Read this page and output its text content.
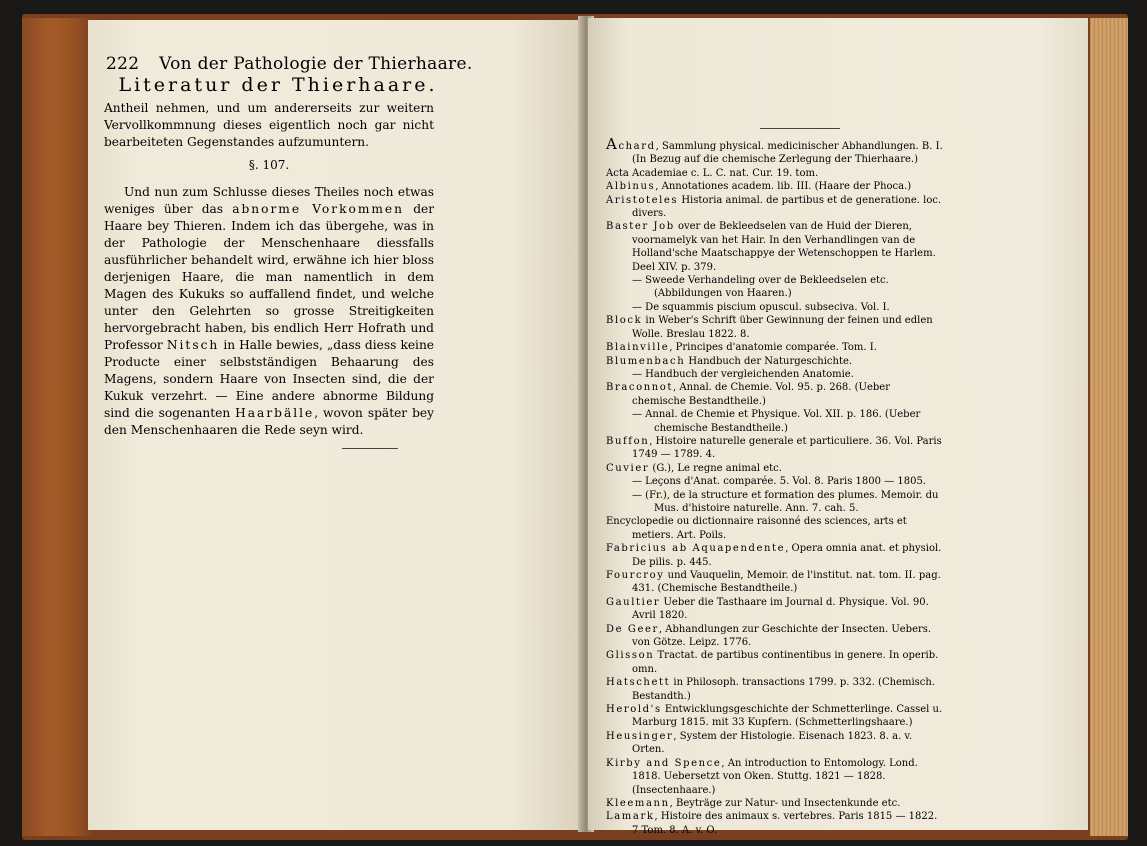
222 Von der Pathologie der Thierhaare.

Antheil nehmen, und um andererseits zur weitern Vervollkommnung dieses eigentlich noch gar nicht bearbeiteten Gegenstandes aufzumuntern.

§. 107.

Und nun zum Schlusse dieses Theiles noch etwas weniges über das abnorme Vorkommen der Haare bey Thieren. Indem ich das übergehe, was in der Pathologie der Menschenhaare diessfalls ausführlicher behandelt wird, erwähne ich hier bloss derjenigen Haare, die man namentlich in dem Magen des Kukuks so auffallend findet, und welche unter den Gelehrten so grosse Streitigkeiten hervorgebracht haben, bis endlich Herr Hofrath und Professor Nitsch in Halle bewies, „dass diess keine Producte einer selbstständigen Behaarung des Magens, sondern Haare von Insecten sind, die der Kukuk verzehrt. — Eine andere abnorme Bildung sind die sogenanten Haarbälle, wovon später bey den Menschenhaaren die Rede seyn wird.

Literatur der Thierhaare.

Achard, Sammlung physical. medicinischer Abhandlungen. B. I. (In Bezug auf die chemische Zerlegung der Thierhaare.)

Acta Academiae c. L. C. nat. Cur. 19. tom.

Albinus, Annotationes academ. lib. III. (Haare der Phoca.)

Aristoteles Historia animal. de partibus et de generatione. loc. divers.

Baster Job over de Bekleedselen van de Huid der Dieren, voornamelyk van het Hair. In den Verhandlingen van de Holland'sche Maatschappye der Wetenschoppen te Harlem. Deel XIV. p. 379.

— Sweede Verhandeling over de Bekleedselen etc. (Abbildungen von Haaren.)

— De squammis piscium opuscul. subseciva. Vol. I.

Block in Weber's Schrift über Gewinnung der feinen und edlen Wolle. Breslau 1822. 8.

Blainville, Principes d'anatomie comparée. Tom. I.

Blumenbach Handbuch der Naturgeschichte.

— Handbuch der vergleichenden Anatomie.

Braconnot, Annal. de Chemie. Vol. 95. p. 268. (Ueber chemische Bestandtheile.)

— Annal. de Chemie et Physique. Vol. XII. p. 186. (Ueber chemische Bestandtheile.)

Buffon, Histoire naturelle generale et particuliere. 36. Vol. Paris 1749 — 1789. 4.

Cuvier (G.), Le regne animal etc.

— Leçons d'Anat. comparée. 5. Vol. 8. Paris 1800 — 1805.

— (Fr.), de la structure et formation des plumes. Memoir. du Mus. d'histoire naturelle. Ann. 7. cah. 5.

Encyclopedie ou dictionnaire raisonné des sciences, arts et metiers. Art. Poils.

Fabricius ab Aquapendente, Opera omnia anat. et physiol. De pilis. p. 445.

Fourcroy und Vauquelin, Memoir. de l'institut. nat. tom. II. pag. 431. (Chemische Bestandtheile.)

Gaultier Ueber die Tasthaare im Journal d. Physique. Vol. 90. Avril 1820.

De Geer, Abhandlungen zur Geschichte der Insecten. Uebers. von Götze. Leipz. 1776.

Glisson Tractat. de partibus continentibus in genere. In operib. omn.

Hatschett in Philosoph. transactions 1799. p. 332. (Chemisch. Bestandth.)

Herold's Entwicklungsgeschichte der Schmetterlinge. Cassel u. Marburg 1815. mit 33 Kupfern. (Schmetterlingshaare.)

Heusinger, System der Histologie. Eisenach 1823. 8. a. v. Orten.

Kirby and Spence, An introduction to Entomology. Lond. 1818. Uebersetzt von Oken. Stuttg. 1821 — 1828. (Insectenhaare.)

Kleemann, Beyträge zur Natur- und Insectenkunde etc.

Lamark, Histoire des animaux s. vertebres. Paris 1815 — 1822. 7 Tom. 8. A. v. O.
